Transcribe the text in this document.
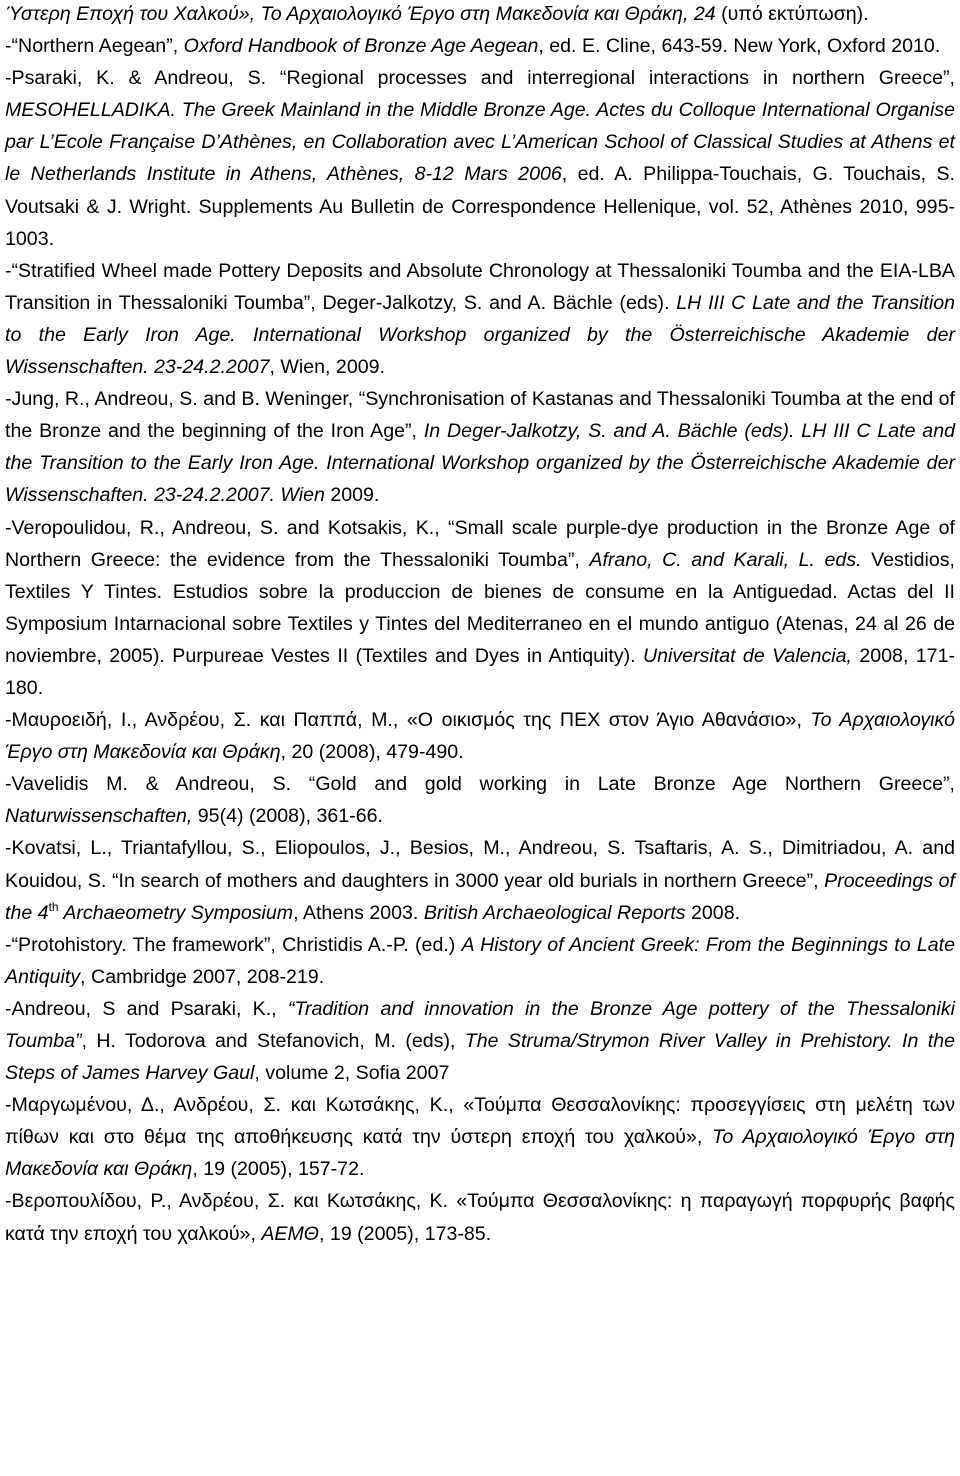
Ύστερη Εποχή του Χαλκού», Το Αρχαιολογικό Έργο στη Μακεδονία και Θράκη, 24 (υπό εκτύπωση).

-“Northern Aegean”, Oxford Handbook of Bronze Age Aegean, ed. E. Cline, 643-59. New York, Oxford 2010.

-Psaraki, K. & Andreou, S. “Regional processes and interregional interactions in northern Greece”, MESOHELLADIKA. The Greek Mainland in the Middle Bronze Age. Actes du Colloque International Organise par L’Ecole Française D’Athènes, en Collaboration avec L’American School of Classical Studies at Athens et le Netherlands Institute in Athens, Athènes, 8-12 Mars 2006, ed. A. Philippa-Touchais, G. Touchais, S. Voutsaki & J. Wright. Supplements Au Bulletin de Correspondence Hellenique, vol. 52, Athènes 2010, 995-1003.

-“Stratified Wheel made Pottery Deposits and Absolute Chronology at Thessaloniki Toumba and the EIA-LBA Transition in Thessaloniki Toumba”, Deger-Jalkotzy, S. and A. Bächle (eds). LH III C Late and the Transition to the Early Iron Age. International Workshop organized by the Österreichische Akademie der Wissenschaften. 23-24.2.2007, Wien, 2009.

-Jung, R., Andreou, S. and B. Weninger, “Synchronisation of Kastanas and Thessaloniki Toumba at the end of the Bronze and the beginning of the Iron Age”, In Deger-Jalkotzy, S. and A. Bächle (eds). LH III C Late and the Transition to the Early Iron Age. International Workshop organized by the Österreichische Akademie der Wissenschaften. 23-24.2.2007. Wien 2009.

-Veropoulidou, R., Andreou, S. and Kotsakis, K., “Small scale purple-dye production in the Bronze Age of Northern Greece: the evidence from the Thessaloniki Toumba”, Afrano, C. and Karali, L. eds. Vestidios, Textiles Y Tintes. Estudios sobre la produccion de bienes de consume en la Antiguedad. Actas del II Symposium Intarnacional sobre Textiles y Tintes del Mediterraneo en el mundo antiguo (Atenas, 24 al 26 de noviembre, 2005). Purpureae Vestes II (Textiles and Dyes in Antiquity). Universitat de Valencia, 2008, 171-180.

-Μαυροειδή, Ι., Ανδρέου, Σ. και Παππά, Μ., «Ο οικισμός της ΠΕΧ στον Άγιο Αθανάσιο», Το Αρχαιολογικό Έργο στη Μακεδονία και Θράκη, 20 (2008), 479-490.

-Vavelidis M. & Andreou, S. “Gold and gold working in Late Bronze Age Northern Greece”, Naturwissenschaften, 95(4) (2008), 361-66.

-Kovatsi, L., Triantafyllou, S., Eliopoulos, J., Besios, M., Andreou, S. Tsaftaris, A. S., Dimitriadou, A. and Kouidou, S. “In search of mothers and daughters in 3000 year old burials in northern Greece”, Proceedings of the 4th Archaeometry Symposium, Athens 2003. British Archaeological Reports 2008.

-“Protohistory. The framework”, Christidis A.-P. (ed.) A History of Ancient Greek: From the Beginnings to Late Antiquity, Cambridge 2007, 208-219.

-Andreou, S and Psaraki, K., “Tradition and innovation in the Bronze Age pottery of the Thessaloniki Toumba”, H. Todorova and Stefanovich, M. (eds), The Struma/Strymon River Valley in Prehistory. In the Steps of James Harvey Gaul, volume 2, Sofia 2007

-Μαργωμένου, Δ., Ανδρέου, Σ. και Κωτσάκης, Κ., «Τούμπα Θεσσαλονίκης: προσεγγίσεις στη μελέτη των πίθων και στο θέμα της αποθήκευσης κατά την ύστερη εποχή του χαλκού», Το Αρχαιολογικό Έργο στη Μακεδονία και Θράκη, 19 (2005), 157-72.

-Βεροπουλίδου, Ρ., Ανδρέου, Σ. και Κωτσάκης, Κ. «Τούμπα Θεσσαλονίκης: η παραγωγή πορφυρής βαφής κατά την εποχή του χαλκού», ΑΕΜΘ, 19 (2005), 173-85.
